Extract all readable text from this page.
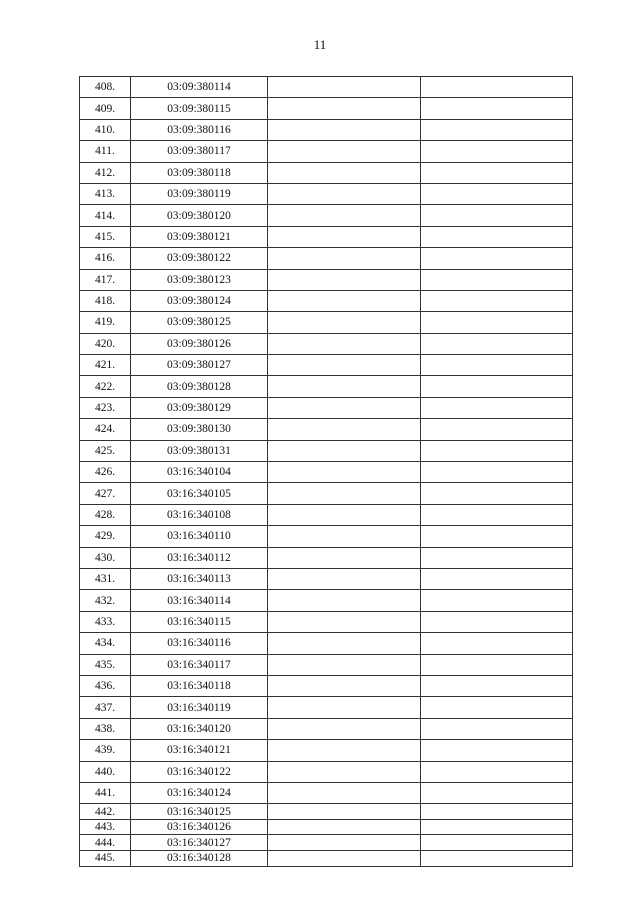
11
408.	03:09:380114		
409.	03:09:380115		
410.	03:09:380116		
411.	03:09:380117		
412.	03:09:380118		
413.	03:09:380119		
414.	03:09:380120		
415.	03:09:380121		
416.	03:09:380122		
417.	03:09:380123		
418.	03:09:380124		
419.	03:09:380125		
420.	03:09:380126		
421.	03:09:380127		
422.	03:09:380128		
423.	03:09:380129		
424.	03:09:380130		
425.	03:09:380131		
426.	03:16:340104		
427.	03:16:340105		
428.	03:16:340108		
429.	03:16:340110		
430.	03:16:340112		
431.	03:16:340113		
432.	03:16:340114		
433.	03:16:340115		
434.	03:16:340116		
435.	03:16:340117		
436.	03:16:340118		
437.	03:16:340119		
438.	03:16:340120		
439.	03:16:340121		
440.	03:16:340122		
441.	03:16:340124		
442.	03:16:340125		
443.	03:16:340126		
444.	03:16:340127		
445.	03:16:340128		
